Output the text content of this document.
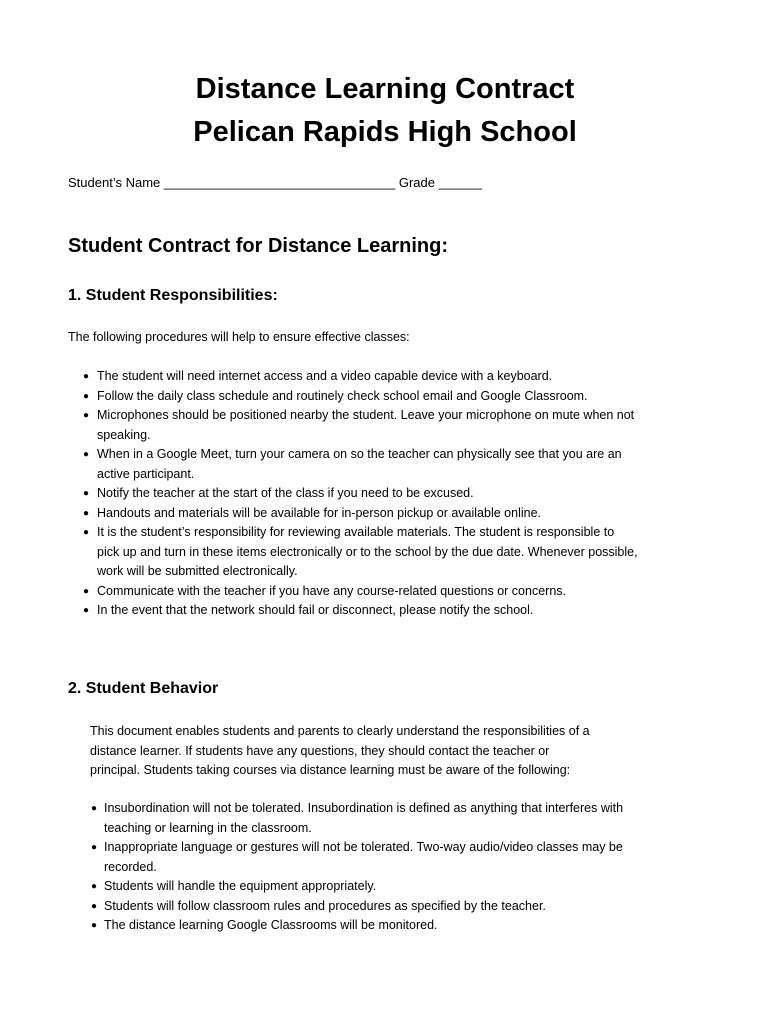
Distance Learning Contract
Pelican Rapids High School
Student’s Name ________________________________ Grade ______
Student Contract for Distance Learning:
1. Student Responsibilities:

The following procedures will help to ensure effective classes:

● The student will need internet access and a video capable device with a keyboard.
● Follow the daily class schedule and routinely check school email and Google Classroom.
● Microphones should be positioned nearby the student. Leave your microphone on mute when not
speaking.
● When in a Google Meet, turn your camera on so the teacher can physically see that you are an
active participant.
● Notify the teacher at the start of the class if you need to be excused.
● Handouts and materials will be available for in-person pickup or available online.
● It is the student’s responsibility for reviewing available materials. The student is responsible to
pick up and turn in these items electronically or to the school by the due date. Whenever possible,
work will be submitted electronically.
● Communicate with the teacher if you have any course-related questions or concerns.
● In the event that the network should fail or disconnect, please notify the school.
2. Student Behavior
This document enables students and parents to clearly understand the responsibilities of a
distance learner. If students have any questions, they should contact the teacher or
principal. Students taking courses via distance learning must be aware of the following:
● Insubordination will not be tolerated. Insubordination is defined as anything that interferes with
teaching or learning in the classroom.
● Inappropriate language or gestures will not be tolerated. Two-way audio/video classes may be
recorded.
● Students will handle the equipment appropriately.
● Students will follow classroom rules and procedures as specified by the teacher.
● The distance learning Google Classrooms will be monitored.
